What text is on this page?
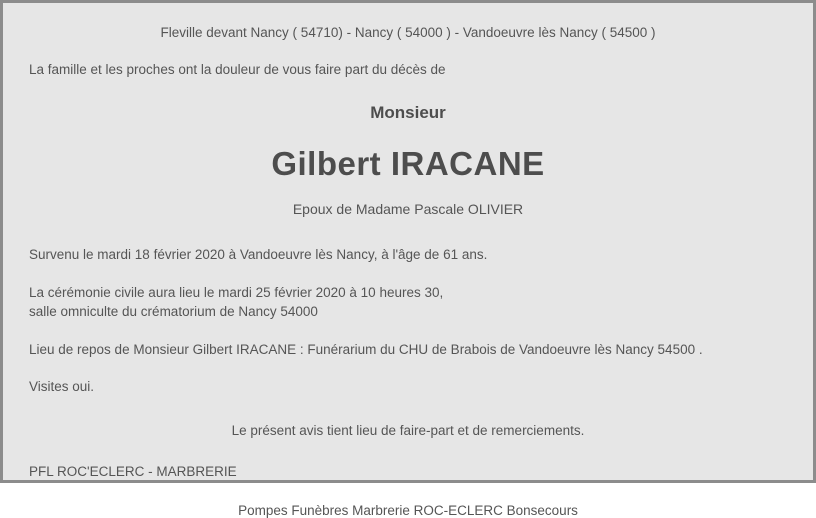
Fleville devant Nancy ( 54710) - Nancy ( 54000 ) - Vandoeuvre lès Nancy ( 54500 )
La famille et les proches ont la douleur de vous faire part du décès de
Monsieur
Gilbert IRACANE
Epoux de Madame Pascale OLIVIER
Survenu le mardi 18 février 2020 à Vandoeuvre lès Nancy, à l'âge de 61 ans.
La cérémonie civile aura lieu le mardi 25 février 2020 à 10 heures 30,
salle omniculte du crématorium de Nancy 54000
Lieu de repos de Monsieur Gilbert IRACANE : Funérarium du CHU de Brabois de Vandoeuvre lès Nancy 54500 .
Visites oui.
Le présent avis tient lieu de faire-part et de remerciements.
PFL ROC'ECLERC - MARBRERIE
Pompes Funèbres Marbrerie ROC-ECLERC Bonsecours
